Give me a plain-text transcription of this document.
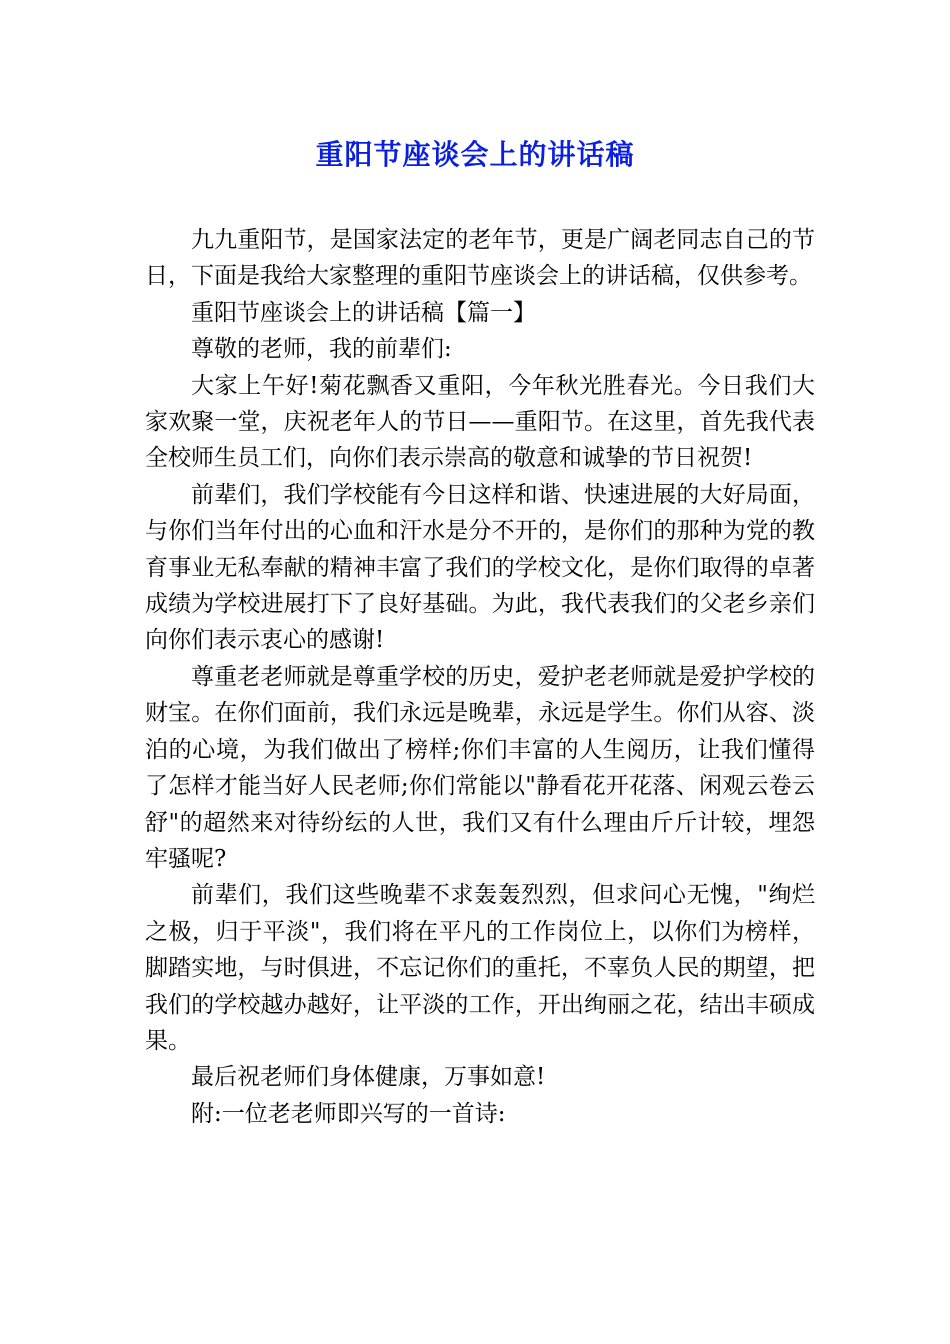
重阳节座谈会上的讲话稿

九九重阳节，是国家法定的老年节，更是广阔老同志自己的节日，下面是我给大家整理的重阳节座谈会上的讲话稿，仅供参考。

重阳节座谈会上的讲话稿【篇一】

尊敬的老师，我的前辈们:

大家上午好!菊花飘香又重阳，今年秋光胜春光。今日我们大家欢聚一堂，庆祝老年人的节日——重阳节。在这里，首先我代表全校师生员工们，向你们表示崇高的敬意和诚挚的节日祝贺!

前辈们，我们学校能有今日这样和谐、快速进展的大好局面，与你们当年付出的心血和汗水是分不开的，是你们的那种为党的教育事业无私奉献的精神丰富了我们的学校文化，是你们取得的卓著成绩为学校进展打下了良好基础。为此，我代表我们的父老乡亲们向你们表示衷心的感谢!

尊重老老师就是尊重学校的历史，爱护老老师就是爱护学校的财宝。在你们面前，我们永远是晚辈，永远是学生。你们从容、淡泊的心境，为我们做出了榜样;你们丰富的人生阅历，让我们懂得了怎样才能当好人民老师;你们常能以"静看花开花落、闲观云卷云舒"的超然来对待纷纭的人世，我们又有什么理由斤斤计较，埋怨牢骚呢?

前辈们，我们这些晚辈不求轰轰烈烈，但求问心无愧，"绚烂之极，归于平淡"，我们将在平凡的工作岗位上，以你们为榜样，脚踏实地，与时俱进，不忘记你们的重托，不辜负人民的期望，把我们的学校越办越好，让平淡的工作，开出绚丽之花，结出丰硕成果。

最后祝老师们身体健康，万事如意!

附:一位老老师即兴写的一首诗:
